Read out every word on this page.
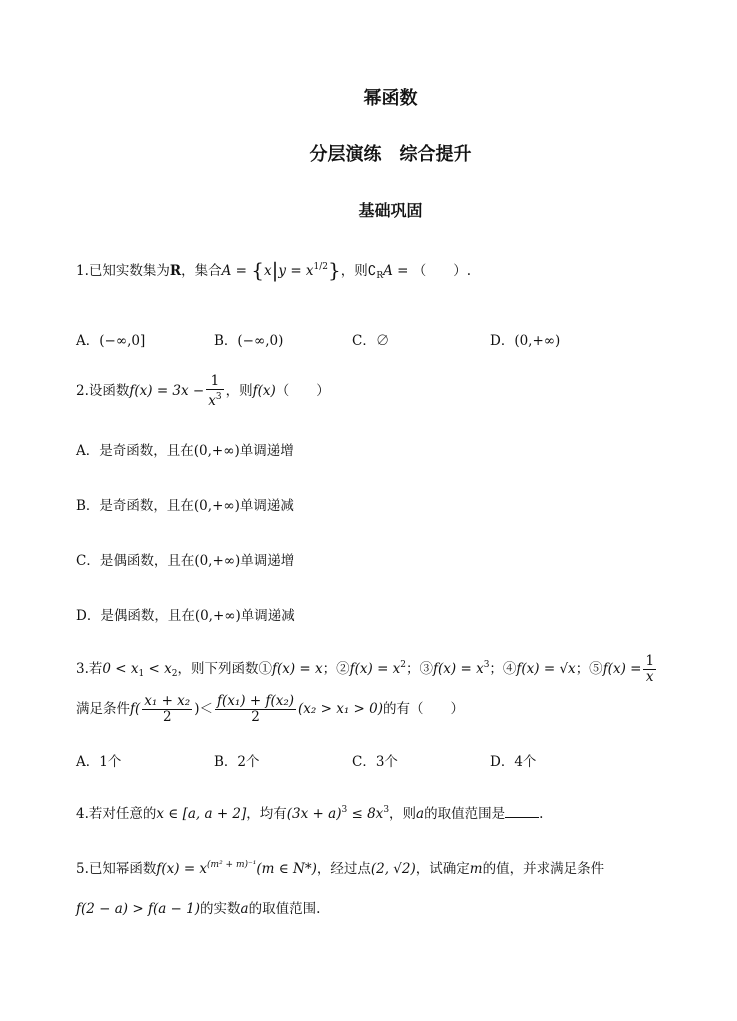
幂函数
分层演练　综合提升
基础巩固
1.已知实数集为R，集合$A = \{x|y = x^{1/2}\}$，则$∁_RA$ = （　　）.
A．(−∞,0]	B．(−∞,0)	C．∅	D．(0,+∞)
2.设函数$f(x) = 3x - \frac{1}{x^3}$ ，则f(x)（　　）
A．是奇函数，且在(0,+∞)单调递增
B．是奇函数，且在(0,+∞)单调递减
C．是偶函数，且在(0,+∞)单调递增
D．是偶函数，且在(0,+∞)单调递减
3.若$0 < x_1 < x_2$，则下列函数①f(x) = x；②f(x) = $x^2$；③f(x) = $x^3$；④f(x) = √x；⑤f(x) = $\frac{1}{x}$
满足条件$f( \frac{\text{x₁ + x₂}}{2}$ )＜ $\frac{\text{f(x₁) + f(x₂)}}{2} (x_2 > x_1 > 0)$的有（　　）
A．1个	B．2个	C．3个	D．4个
4.若对任意的x ∈ [a, a + 2]，均有$(3x + a)^3 \le 8x^3$，则a的取值范围是	.
5.已知幂函数$f(x) = x^{(m^2 + m)^{-1}}(m$ ∈ N*)，经过点(2, √2)，试确定m的值，并求满足条件
f(2 − a) > f(a − 1)的实数a的取值范围.
